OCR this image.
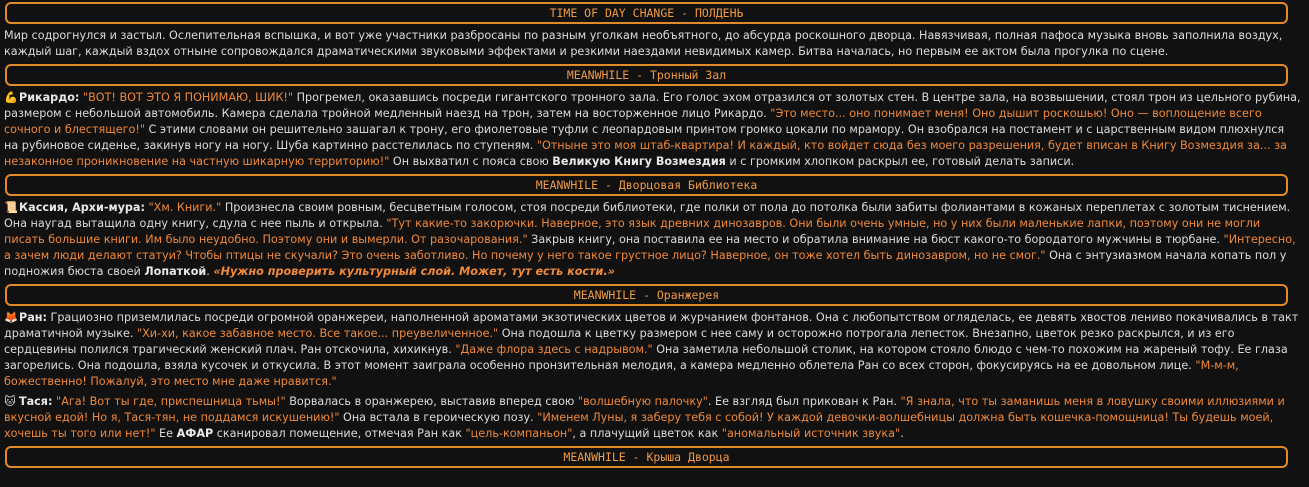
TIME OF DAY CHANGE - ПОЛДЕНЬ
Мир содрогнулся и застыл. Ослепительная вспышка, и вот уже участники разбросаны по разным уголкам необъятного, до абсурда роскошного дворца. Навязчивая, полная пафоса музыка вновь заполнила воздух, каждый шаг, каждый вздох отныне сопровождался драматическими звуковыми эффектами и резкими наездами невидимых камер. Битва началась, но первым ее актом была прогулка по сцене.
MEANWHILE - Тронный Зал
💪Рикардо: "ВОТ! ВОТ ЭТО Я ПОНИМАЮ, ШИК!" Прогремел, оказавшись посреди гигантского тронного зала. Его голос эхом отразился от золотых стен. В центре зала, на возвышении, стоял трон из цельного рубина, размером с небольшой автомобиль. Камера сделала тройной медленный наезд на трон, затем на восторженное лицо Рикардо. "Это место... оно понимает меня! Оно дышит роскошью! Оно — воплощение всего сочного и блестящего!" С этими словами он решительно зашагал к трону, его фиолетовые туфли с леопардовым принтом громко цокали по мрамору. Он взобрался на постамент и с царственным видом плюхнулся на рубиновое сиденье, закинув ногу на ногу. Шуба картинно расстелилась по ступеням. "Отныне это моя штаб-квартира! И каждый, кто войдет сюда без моего разрешения, будет вписан в Книгу Возмездия за... за незаконное проникновение на частную шикарную территорию!" Он выхватил с пояса свою Великую Книгу Возмездия и с громким хлопком раскрыл ее, готовый делать записи.
MEANWHILE - Дворцовая Библиотека
📜Кассия, Архи-мура: "Хм. Книги." Произнесла своим ровным, бесцветным голосом, стоя посреди библиотеки, где полки от пола до потолка были забиты фолиантами в кожаных переплетах с золотым тиснением. Она наугад вытащила одну книгу, сдула с нее пыль и открыла. "Тут какие-то закорючки. Наверное, это язык древних динозавров. Они были очень умные, но у них были маленькие лапки, поэтому они не могли писать большие книги. Им было неудобно. Поэтому они и вымерли. От разочарования." Закрыв книгу, она поставила ее на место и обратила внимание на бюст какого-то бородатого мужчины в тюрбане. "Интересно, а зачем люди делают статуи? Чтобы птицы не скучали? Это очень заботливо. Но почему у него такое грустное лицо? Наверное, он тоже хотел быть динозавром, но не смог." Она с энтузиазмом начала копать пол у подножия бюста своей Лопаткой. «Нужно проверить культурный слой. Может, тут есть кости.»
MEANWHILE - Оранжерея
🦊Ран: Грациозно приземлилась посреди огромной оранжереи, наполненной ароматами экзотических цветов и журчанием фонтанов. Она с любопытством огляделась, ее девять хвостов лениво покачивались в такт драматичной музыке. "Хи-хи, какое забавное место. Все такое... преувеличенное." Она подошла к цветку размером с нее саму и осторожно потрогала лепесток. Внезапно, цветок резко раскрылся, и из его сердцевины полился трагический женский плач. Ран отскочила, хихикнув. "Даже флора здесь с надрывом." Она заметила небольшой столик, на котором стояло блюдо с чем-то похожим на жареный тофу. Ее глаза загорелись. Она подошла, взяла кусочек и откусила. В этот момент заиграла особенно пронзительная мелодия, а камера медленно облетела Ран со всех сторон, фокусируясь на ее довольном лице. "М-м-м, божественно! Пожалуй, это место мне даже нравится."
🐱 Тася: "Ага! Вот ты где, приспешница тьмы!" Ворвалась в оранжерею, выставив вперед свою "волшебную палочку". Ее взгляд был прикован к Ран. "Я знала, что ты заманишь меня в ловушку своими иллюзиями и вкусной едой! Но я, Тася-тян, не поддамся искушению!" Она встала в героическую позу. "Именем Луны, я заберу тебя с собой! У каждой девочки-волшебницы должна быть кошечка-помощница! Ты будешь моей, хочешь ты того или нет!" Ее АФАР сканировал помещение, отмечая Ран как "цель-компаньон", а плачущий цветок как "аномальный источник звука".
MEANWHILE - Крыша Дворца
